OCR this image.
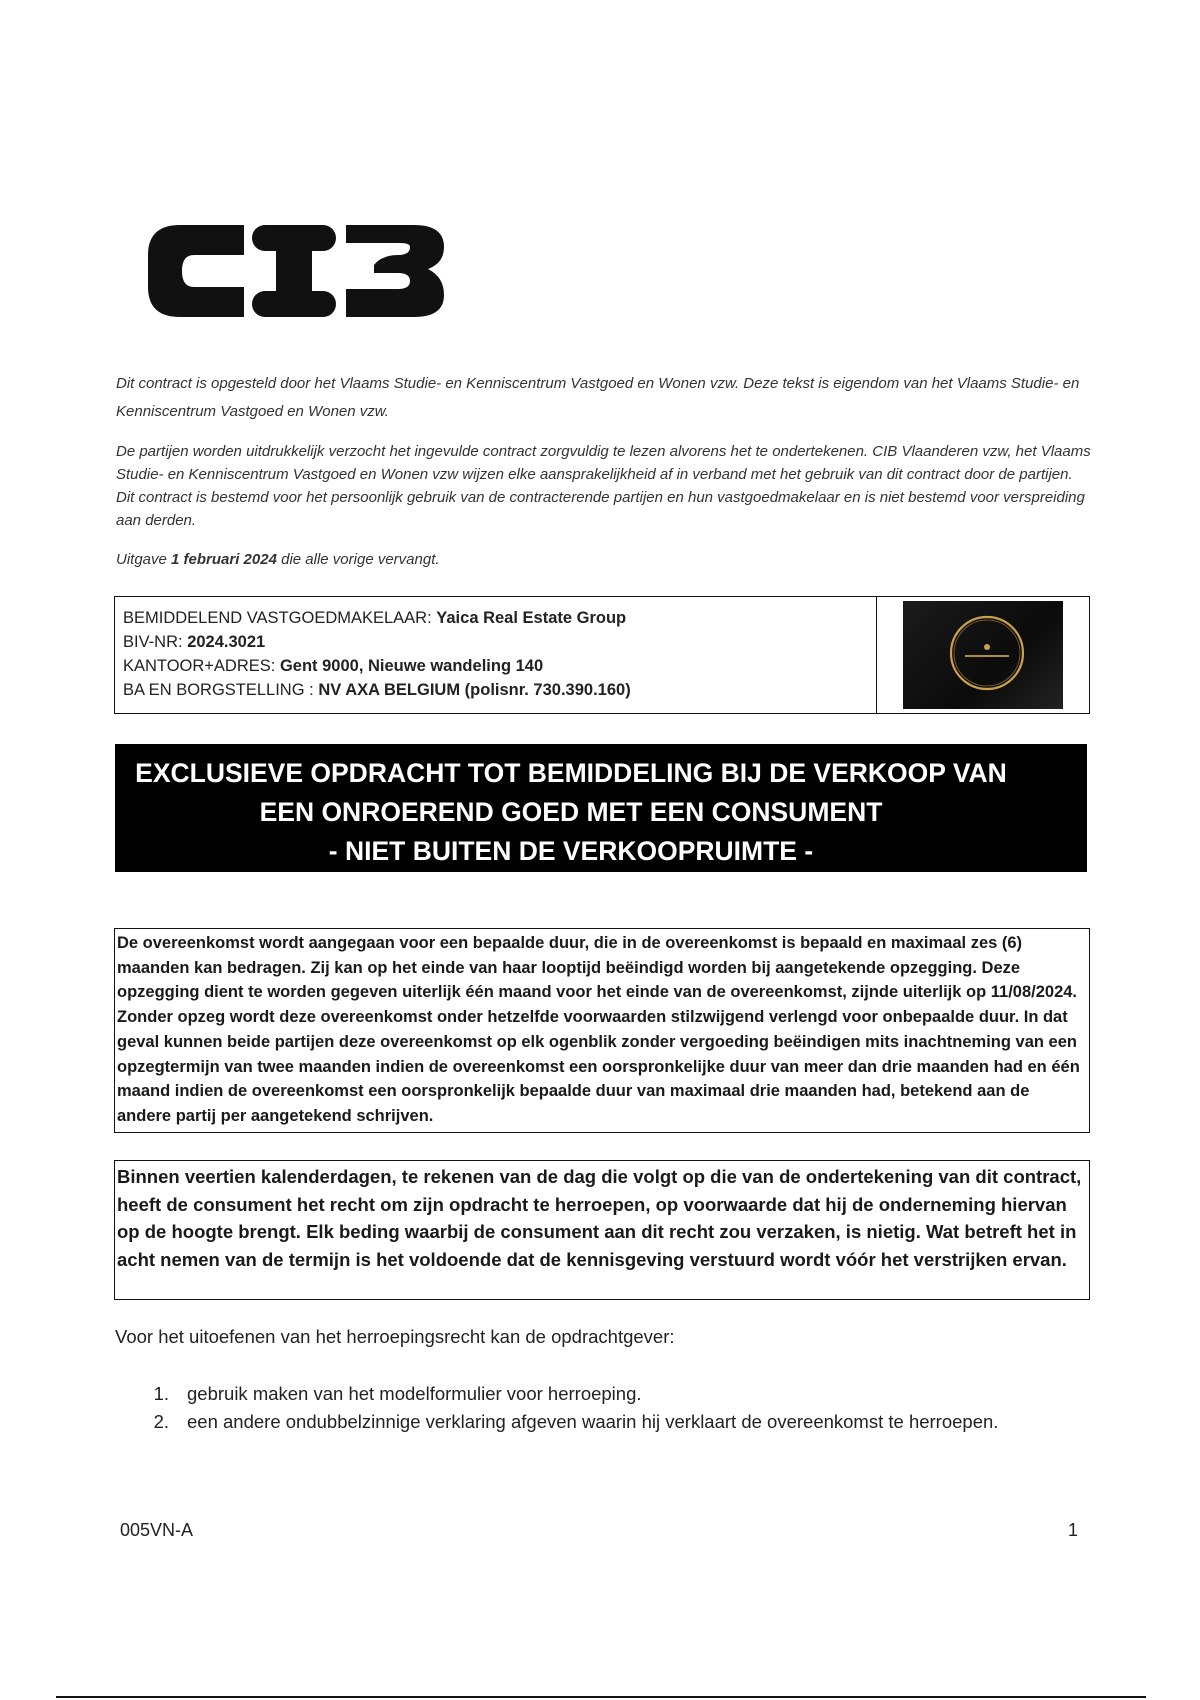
Dit contract is opgesteld door het Vlaams Studie- en Kenniscentrum Vastgoed en Wonen vzw. Deze tekst is eigendom van het Vlaams Studie- en Kenniscentrum Vastgoed en Wonen vzw.

De partijen worden uitdrukkelijk verzocht het ingevulde contract zorgvuldig te lezen alvorens het te ondertekenen. CIB Vlaanderen vzw, het Vlaams Studie- en Kenniscentrum Vastgoed en Wonen vzw wijzen elke aansprakelijkheid af in verband met het gebruik van dit contract door de partijen. Dit contract is bestemd voor het persoonlijk gebruik van de contracterende partijen en hun vastgoedmakelaar en is niet bestemd voor verspreiding aan derden.

Uitgave 1 februari 2024 die alle vorige vervangt.

BEMIDDELEND VASTGOEDMAKELAAR: Yaica Real Estate Group
BIV-NR: 2024.3021
KANTOOR+ADRES: Gent 9000, Nieuwe wandeling 140
BA EN BORGSTELLING : NV AXA BELGIUM (polisnr. 730.390.160)
EXCLUSIEVE OPDRACHT TOT BEMIDDELING BIJ DE VERKOOP VAN
EEN ONROEREND GOED MET EEN CONSUMENT
- NIET BUITEN DE VERKOOPRUIMTE -

De overeenkomst wordt aangegaan voor een bepaalde duur, die in de overeenkomst is bepaald en maximaal zes (6) maanden kan bedragen. Zij kan op het einde van haar looptijd beëindigd worden bij aangetekende opzegging. Deze opzegging dient te worden gegeven uiterlijk één maand voor het einde van de overeenkomst, zijnde uiterlijk op 11/08/2024. Zonder opzeg wordt deze overeenkomst onder hetzelfde voorwaarden stilzwijgend verlengd voor onbepaalde duur. In dat geval kunnen beide partijen deze overeenkomst op elk ogenblik zonder vergoeding beëindigen mits inachtneming van een opzegtermijn van twee maanden indien de overeenkomst een oorspronkelijke duur van meer dan drie maanden had en één maand indien de overeenkomst een oorspronkelijk bepaalde duur van maximaal drie maanden had, betekend aan de andere partij per aangetekend schrijven.

Binnen veertien kalenderdagen, te rekenen van de dag die volgt op die van de ondertekening van dit contract, heeft de consument het recht om zijn opdracht te herroepen, op voorwaarde dat hij de onderneming hiervan op de hoogte brengt. Elk beding waarbij de consument aan dit recht zou verzaken, is nietig. Wat betreft het in acht nemen van de termijn is het voldoende dat de kennisgeving verstuurd wordt vóór het verstrijken ervan.

Voor het uitoefenen van het herroepingsrecht kan de opdrachtgever:
1. gebruik maken van het modelformulier voor herroeping.
2. een andere ondubbelzinnige verklaring afgeven waarin hij verklaart de overeenkomst te herroepen.
005VN-A	1
